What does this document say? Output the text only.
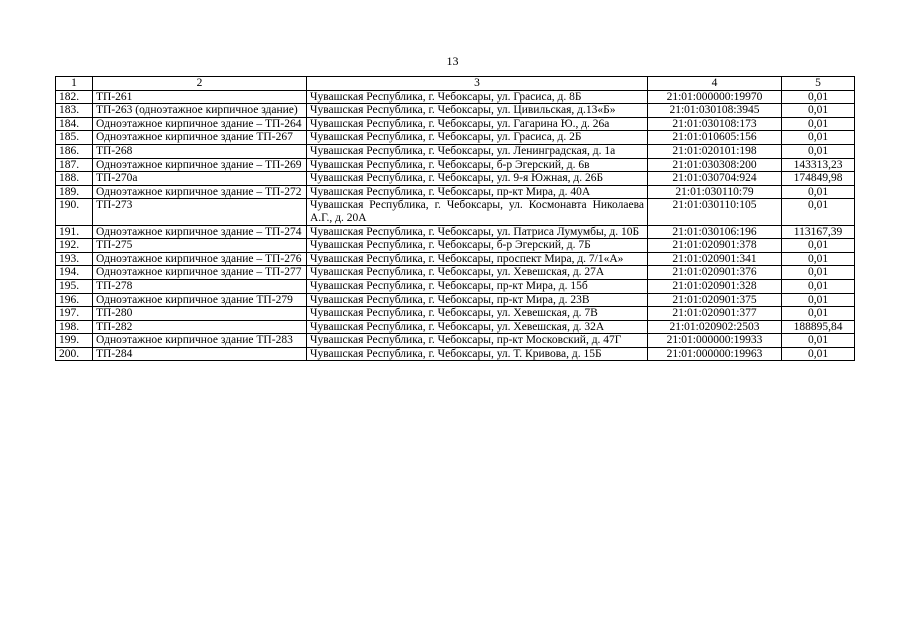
13
1	2	3	4	5
182.	ТП-261	Чувашская Республика, г. Чебоксары, ул. Грасиса, д. 8Б	21:01:000000:19970	0,01
183.	ТП-263 (одноэтажное кирпичное здание)	Чувашская Республика, г. Чебоксары, ул. Цивильская, д.13«Б»	21:01:030108:3945	0,01
184.	Одноэтажное кирпичное здание – ТП-264	Чувашская Республика, г. Чебоксары, ул. Гагарина Ю., д. 26а	21:01:030108:173	0,01
185.	Одноэтажное кирпичное здание ТП-267	Чувашская Республика, г. Чебоксары, ул. Грасиса, д. 2Б	21:01:010605:156	0,01
186.	ТП-268	Чувашская Республика, г. Чебоксары, ул. Ленинградская, д. 1а	21:01:020101:198	0,01
187.	Одноэтажное кирпичное здание – ТП-269	Чувашская Республика, г. Чебоксары, б-р Эгерский, д. 6в	21:01:030308:200	143313,23
188.	ТП-270а	Чувашская Республика, г. Чебоксары, ул. 9-я Южная, д. 26Б	21:01:030704:924	174849,98
189.	Одноэтажное кирпичное здание – ТП-272	Чувашская Республика, г. Чебоксары, пр-кт Мира, д. 40А	21:01:030110:79	0,01
190.	ТП-273	Чувашская Республика, г. Чебоксары, ул. Космонавта Николаева А.Г., д. 20А	21:01:030110:105	0,01
191.	Одноэтажное кирпичное здание – ТП-274	Чувашская Республика, г. Чебоксары, ул. Патриса Лумумбы, д. 10Б	21:01:030106:196	113167,39
192.	ТП-275	Чувашская Республика, г. Чебоксары, б-р Эгерский, д. 7Б	21:01:020901:378	0,01
193.	Одноэтажное кирпичное здание – ТП-276	Чувашская Республика, г. Чебоксары, проспект Мира, д. 7/1«А»	21:01:020901:341	0,01
194.	Одноэтажное кирпичное здание – ТП-277	Чувашская Республика, г. Чебоксары, ул. Хевешская, д. 27А	21:01:020901:376	0,01
195.	ТП-278	Чувашская Республика, г. Чебоксары, пр-кт Мира, д. 15б	21:01:020901:328	0,01
196.	Одноэтажное кирпичное здание ТП-279	Чувашская Республика, г. Чебоксары, пр-кт Мира, д. 23В	21:01:020901:375	0,01
197.	ТП-280	Чувашская Республика, г. Чебоксары, ул. Хевешская, д. 7В	21:01:020901:377	0,01
198.	ТП-282	Чувашская Республика, г. Чебоксары, ул. Хевешская, д. 32А	21:01:020902:2503	188895,84
199.	Одноэтажное кирпичное здание ТП-283	Чувашская Республика, г. Чебоксары, пр-кт Московский, д. 47Г	21:01:000000:19933	0,01
200.	ТП-284	Чувашская Республика, г. Чебоксары, ул. Т. Кривова, д. 15Б	21:01:000000:19963	0,01
